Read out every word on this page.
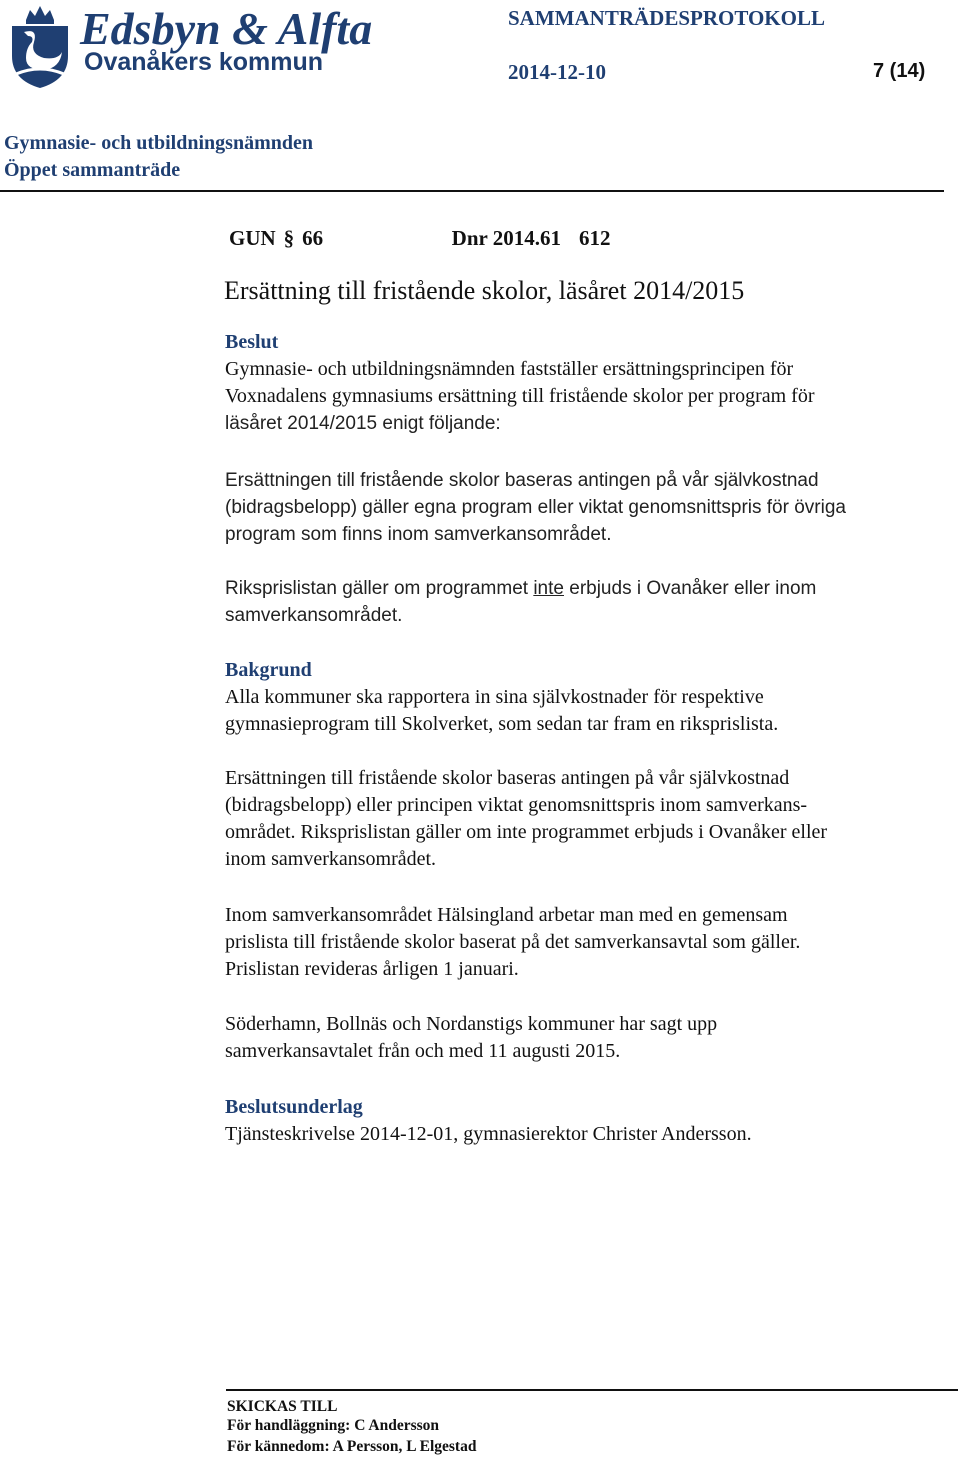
Edsbyn & Alfta
Ovanåkers kommun
SAMMANTRÄDESPROTOKOLL
2014-12-10	7 (14)
Gymnasie- och utbildningsnämnden
Öppet sammanträde
GUN § 66	Dnr 2014.61 612
Ersättning till fristående skolor, läsåret 2014/2015
Beslut
Gymnasie- och utbildningsnämnden fastställer ersättningsprincipen för
Voxnadalens gymnasiums ersättning till fristående skolor per program för
läsåret 2014/2015 enigt följande:
Ersättningen till fristående skolor baseras antingen på vår självkostnad
(bidragsbelopp) gäller egna program eller viktat genomsnittspris för övriga
program som finns inom samverkansområdet.
Riksprislistan gäller om programmet inte erbjuds i Ovanåker eller inom
samverkansområdet.
Bakgrund
Alla kommuner ska rapportera in sina självkostnader för respektive
gymnasieprogram till Skolverket, som sedan tar fram en riksprislista.
Ersättningen till fristående skolor baseras antingen på vår självkostnad
(bidragsbelopp) eller principen viktat genomsnittspris inom samverkans-
området. Riksprislistan gäller om inte programmet erbjuds i Ovanåker eller
inom samverkansområdet.
Inom samverkansområdet Hälsingland arbetar man med en gemensam
prislista till fristående skolor baserat på det samverkansavtal som gäller.
Prislistan revideras årligen 1 januari.
Söderhamn, Bollnäs och Nordanstigs kommuner har sagt upp
samverkansavtalet från och med 11 augusti 2015.
Beslutsunderlag
Tjänsteskrivelse 2014-12-01, gymnasierektor Christer Andersson.
SKICKAS TILL
För handläggning: C Andersson
För kännedom: A Persson, L Elgestad
